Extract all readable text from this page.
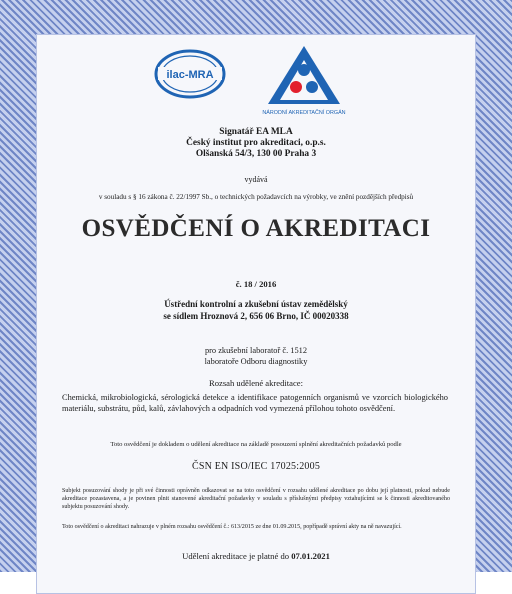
ilac-MRA
NÁRODNÍ AKREDITAČNÍ ORGÁN
Signatář EA MLA
Český institut pro akreditaci, o.p.s.
Olšanská 54/3, 130 00 Praha 3
vydává
v souladu s § 16 zákona č. 22/1997 Sb., o technických požadavcích na výrobky, ve znění pozdějších předpisů
OSVĚDČENÍ O AKREDITACI
č. 18 / 2016
Ústřední kontrolní a zkušební ústav zemědělský
se sídlem Hroznová 2, 656 06 Brno, IČ 00020338
pro zkušební laboratoř č. 1512
laboratoře Odboru diagnostiky
Rozsah udělené akreditace:
Chemická, mikrobiologická, sérologická detekce a identifikace patogenních organismů ve vzorcích biologického materiálu, substrátu, půd, kalů, závlahových a odpadních vod vymezená přílohou tohoto osvědčení.
Toto osvědčení je dokladem o udělení akreditace na základě posouzení splnění akreditačních požadavků podle
ČSN EN ISO/IEC 17025:2005
Subjekt posuzování shody je při své činnosti oprávněn odkazovat se na toto osvědčení v rozsahu udělené akreditace po dobu její platnosti, pokud nebude akreditace pozastavena, a je povinen plnit stanovené akreditační požadavky v souladu s příslušnými předpisy vztahujícími se k činnosti akreditovaného subjektu posuzování shody.
Toto osvědčení o akreditaci nahrazuje v plném rozsahu osvědčení č.: 613/2015 ze dne 01.09.2015, popřípadě správní akty na ně navazující.
Udělení akreditace je platné do 07.01.2021
